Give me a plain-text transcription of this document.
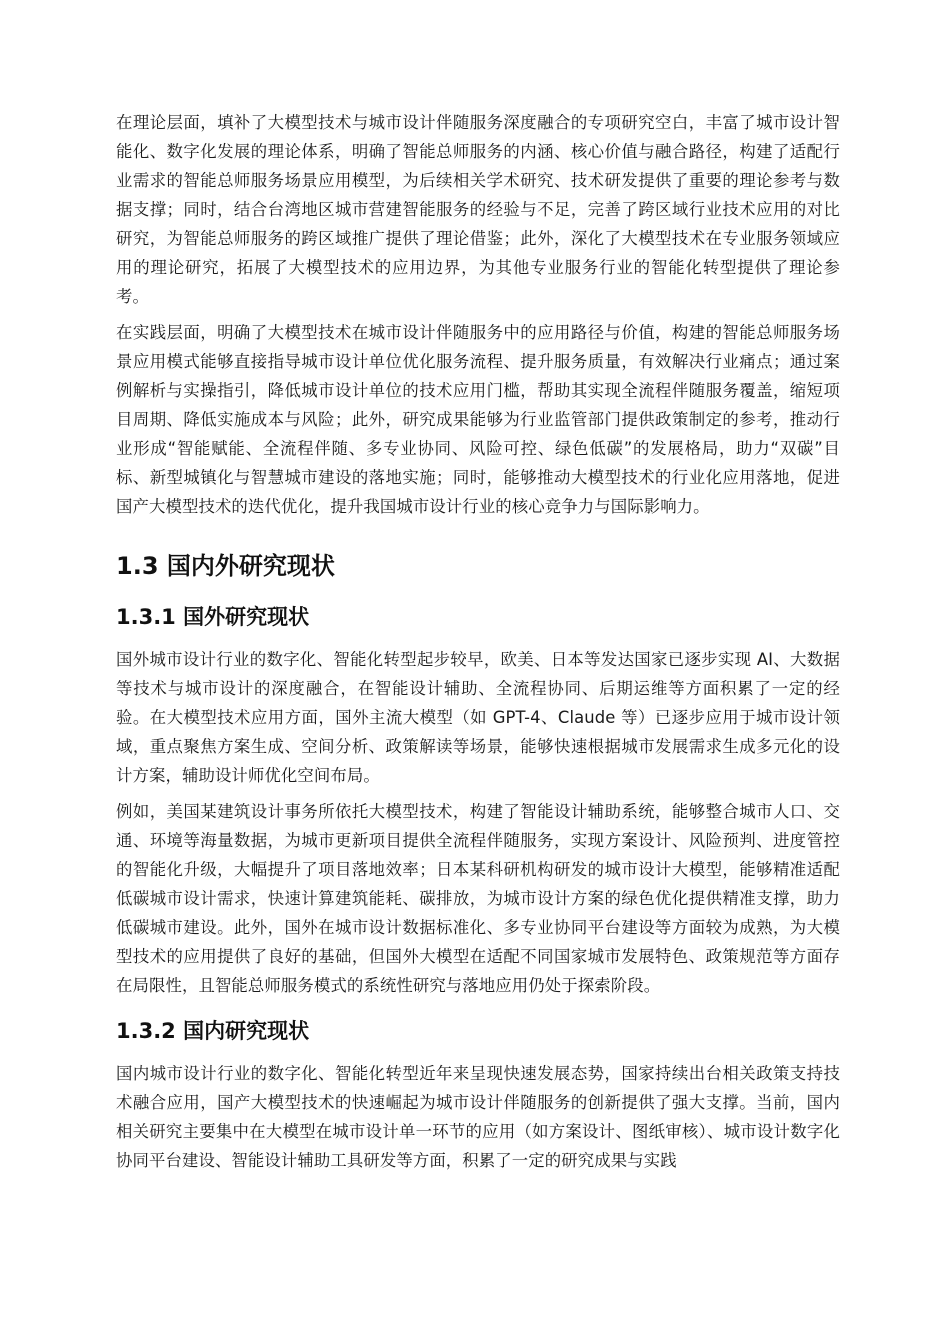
在理论层面，填补了大模型技术与城市设计伴随服务深度融合的专项研究空白，丰富了城市设计智能化、数字化发展的理论体系，明确了智能总师服务的内涵、核心价值与融合路径，构建了适配行业需求的智能总师服务场景应用模型，为后续相关学术研究、技术研发提供了重要的理论参考与数据支撑；同时，结合台湾地区城市营建智能服务的经验与不足，完善了跨区域行业技术应用的对比研究，为智能总师服务的跨区域推广提供了理论借鉴；此外，深化了大模型技术在专业服务领域应用的理论研究，拓展了大模型技术的应用边界，为其他专业服务行业的智能化转型提供了理论参考。

在实践层面，明确了大模型技术在城市设计伴随服务中的应用路径与价值，构建的智能总师服务场景应用模式能够直接指导城市设计单位优化服务流程、提升服务质量，有效解决行业痛点；通过案例解析与实操指引，降低城市设计单位的技术应用门槛，帮助其实现全流程伴随服务覆盖，缩短项目周期、降低实施成本与风险；此外，研究成果能够为行业监管部门提供政策制定的参考，推动行业形成“智能赋能、全流程伴随、多专业协同、风险可控、绿色低碳”的发展格局，助力“双碳”目标、新型城镇化与智慧城市建设的落地实施；同时，能够推动大模型技术的行业化应用落地，促进国产大模型技术的迭代优化，提升我国城市设计行业的核心竞争力与国际影响力。

1.3 国内外研究现状
1.3.1 国外研究现状

国外城市设计行业的数字化、智能化转型起步较早，欧美、日本等发达国家已逐步实现 AI、大数据等技术与城市设计的深度融合，在智能设计辅助、全流程协同、后期运维等方面积累了一定的经验。在大模型技术应用方面，国外主流大模型（如 GPT-4、Claude 等）已逐步应用于城市设计领域，重点聚焦方案生成、空间分析、政策解读等场景，能够快速根据城市发展需求生成多元化的设计方案，辅助设计师优化空间布局。

例如，美国某建筑设计事务所依托大模型技术，构建了智能设计辅助系统，能够整合城市人口、交通、环境等海量数据，为城市更新项目提供全流程伴随服务，实现方案设计、风险预判、进度管控的智能化升级，大幅提升了项目落地效率；日本某科研机构研发的城市设计大模型，能够精准适配低碳城市设计需求，快速计算建筑能耗、碳排放，为城市设计方案的绿色优化提供精准支撑，助力低碳城市建设。此外，国外在城市设计数据标准化、多专业协同平台建设等方面较为成熟，为大模型技术的应用提供了良好的基础，但国外大模型在适配不同国家城市发展特色、政策规范等方面存在局限性，且智能总师服务模式的系统性研究与落地应用仍处于探索阶段。

1.3.2 国内研究现状

国内城市设计行业的数字化、智能化转型近年来呈现快速发展态势，国家持续出台相关政策支持技术融合应用，国产大模型技术的快速崛起为城市设计伴随服务的创新提供了强大支撑。当前，国内相关研究主要集中在大模型在城市设计单一环节的应用（如方案设计、图纸审核）、城市设计数字化协同平台建设、智能设计辅助工具研发等方面，积累了一定的研究成果与实践
